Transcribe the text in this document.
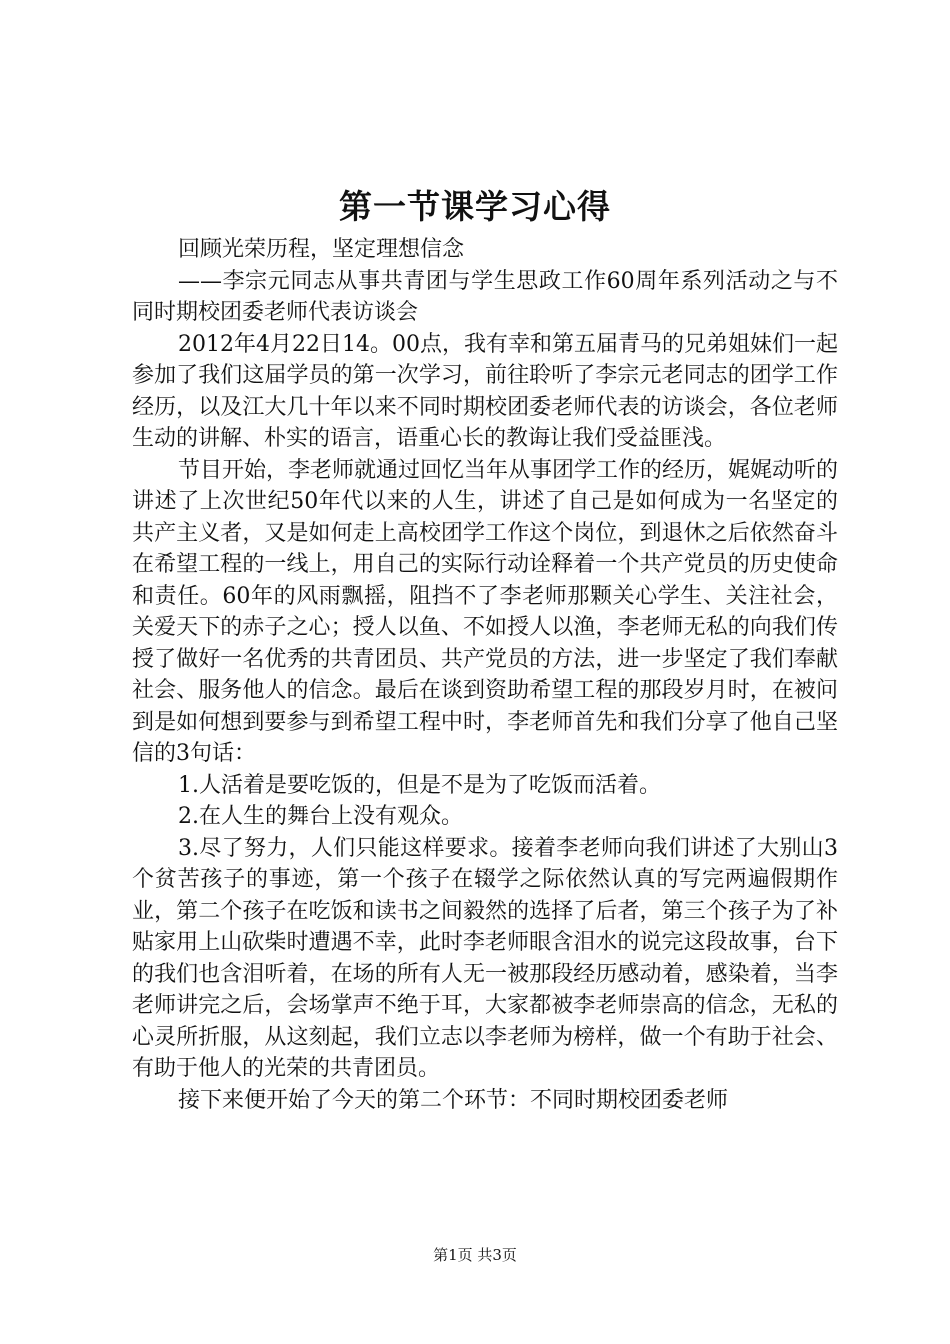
第一节课学习心得

回顾光荣历程，坚定理想信念

——李宗元同志从事共青团与学生思政工作60周年系列活动之与不同时期校团委老师代表访谈会

2012年4月22日14。00点，我有幸和第五届青马的兄弟姐妹们一起参加了我们这届学员的第一次学习，前往聆听了李宗元老同志的团学工作经历，以及江大几十年以来不同时期校团委老师代表的访谈会，各位老师生动的讲解、朴实的语言，语重心长的教诲让我们受益匪浅。

节目开始，李老师就通过回忆当年从事团学工作的经历，娓娓动听的讲述了上次世纪50年代以来的人生，讲述了自己是如何成为一名坚定的共产主义者，又是如何走上高校团学工作这个岗位，到退休之后依然奋斗在希望工程的一线上，用自己的实际行动诠释着一个共产党员的历史使命和责任。60年的风雨飘摇，阻挡不了李老师那颗关心学生、关注社会，关爱天下的赤子之心；授人以鱼、不如授人以渔，李老师无私的向我们传授了做好一名优秀的共青团员、共产党员的方法，进一步坚定了我们奉献社会、服务他人的信念。最后在谈到资助希望工程的那段岁月时，在被问到是如何想到要参与到希望工程中时，李老师首先和我们分享了他自己坚信的3句话：

1.人活着是要吃饭的，但是不是为了吃饭而活着。

2.在人生的舞台上没有观众。

3.尽了努力，人们只能这样要求。接着李老师向我们讲述了大别山3个贫苦孩子的事迹，第一个孩子在辍学之际依然认真的写完两遍假期作业，第二个孩子在吃饭和读书之间毅然的选择了后者，第三个孩子为了补贴家用上山砍柴时遭遇不幸，此时李老师眼含泪水的说完这段故事，台下的我们也含泪听着，在场的所有人无一被那段经历感动着，感染着，当李老师讲完之后，会场掌声不绝于耳，大家都被李老师崇高的信念，无私的心灵所折服，从这刻起，我们立志以李老师为榜样，做一个有助于社会、有助于他人的光荣的共青团员。

接下来便开始了今天的第二个环节：不同时期校团委老师

第1页 共3页
